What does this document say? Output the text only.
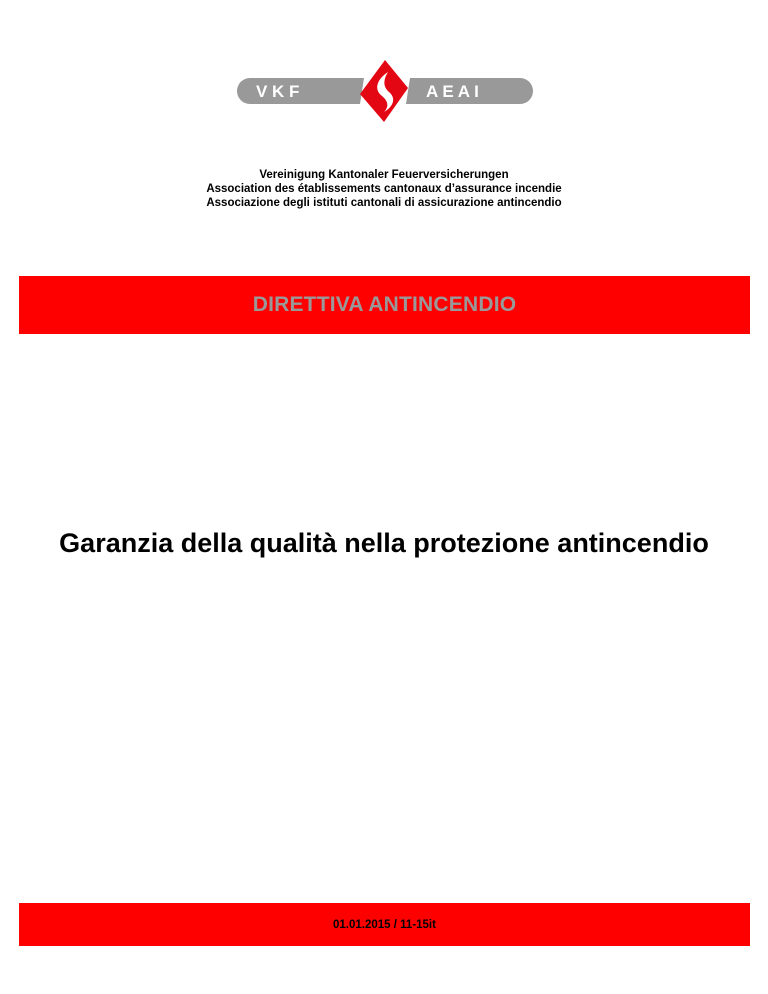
V K F	A E A I
Vereinigung Kantonaler Feuerversicherungen
Association des établissements cantonaux d’assurance incendie
Associazione degli istituti cantonali di assicurazione antincendio
DIRETTIVA ANTINCENDIO
Garanzia della qualità nella protezione antincendio
01.01.2015 / 11-15it
